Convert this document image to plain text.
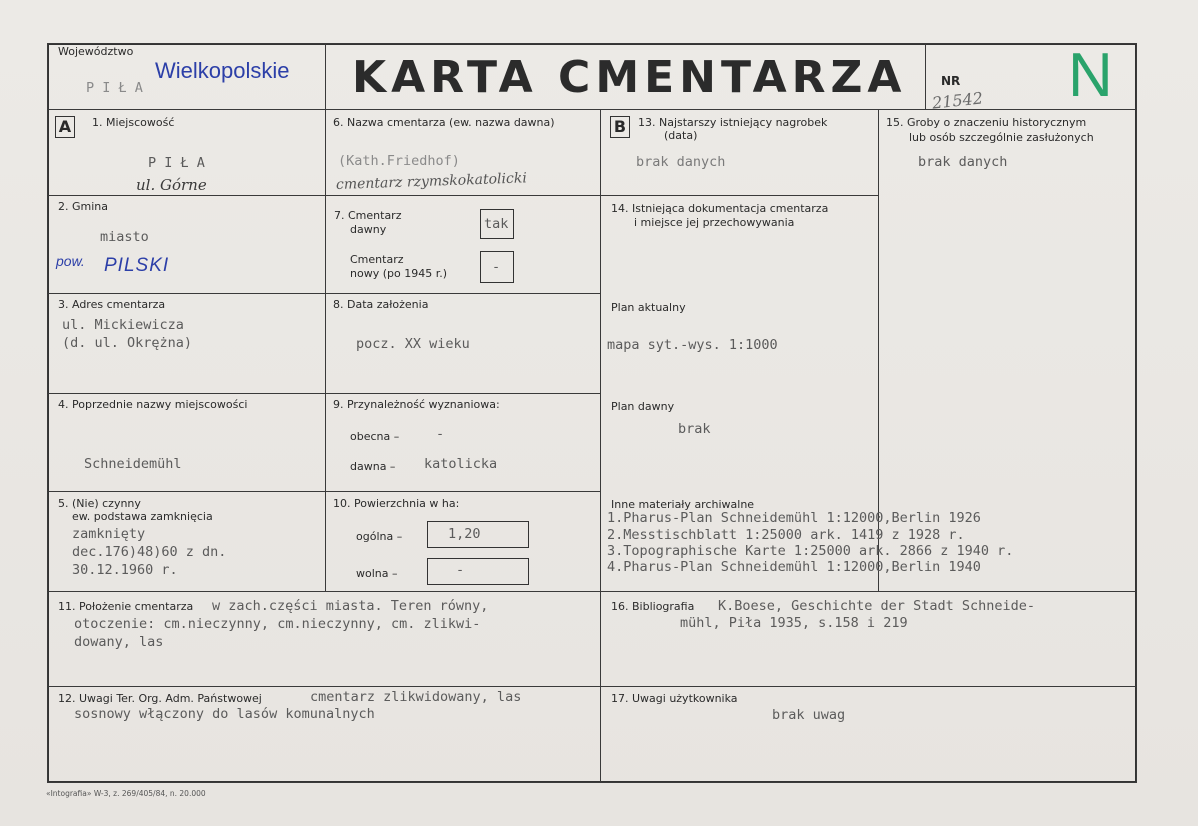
Województwo
P I Ł A
Wielkopolskie KARTA CMENTARZA	NR
21542 N
A	B
1. Miejscowość
P I Ł A
ul. Górne
2. Gmina
miasto
pow. PILSKI
3. Adres cmentarza
ul. Mickiewicza
(d. ul. Okrężna)
4. Poprzednie nazwy miejscowości
Schneidemühl
5. (Nie) czynny
ew. podstawa zamknięcia
zamknięty
dec.176)48)60 z dn.
30.12.1960 r.
6. Nazwa cmentarza (ew. nazwa dawna)
(Kath.Friedhof)
cmentarz rzymskokatolicki
7. Cmentarz
dawny	tak
Cmentarz
nowy (po 1945 r.)	-
8. Data założenia
pocz. XX wieku
9. Przynależność wyznaniowa:
obecna –	-
dawna – katolicka
10. Powierzchnia w ha:
ogólna –	1,20
wolna –	-
11. Położenie cmentarza w zach.części miasta. Teren równy,
otoczenie: cm.nieczynny, cm.nieczynny, cm. zlikwi-
dowany, las
12. Uwagi Ter. Org. Adm. Państwowej	cmentarz zlikwidowany, las
sosnowy włączony do lasów komunalnych
13. Najstarszy istniejący nagrobek
(data)
brak danych
14. Istniejąca dokumentacja cmentarza
i miejsce jej przechowywania
Plan aktualny
mapa syt.-wys. 1:1000
Plan dawny
brak
Inne materiały archiwalne
1.Pharus-Plan Schneidemühl 1:12000,Berlin 1926
2.Messtischblatt 1:25000 ark. 1419 z 1928 r.
3.Topographische Karte 1:25000 ark. 2866 z 1940 r.
4.Pharus-Plan Schneidemühl 1:12000,Berlin 1940
15. Groby o znaczeniu historycznym
lub osób szczególnie zasłużonych
brak danych
16. Bibliografia K.Boese, Geschichte der Stadt Schneide-
mühl, Piła 1935, s.158 i 219
17. Uwagi użytkownika
brak uwag
«Intografia» W-3, z. 269/405/84, n. 20.000
